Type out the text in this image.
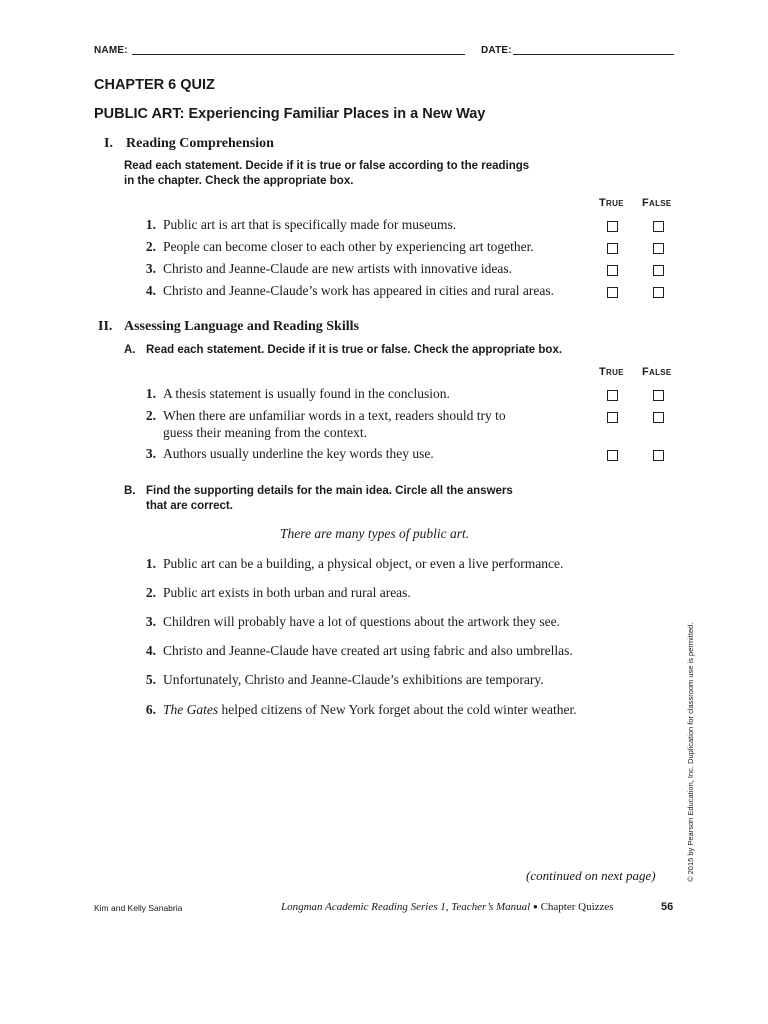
NAME:	DATE:
CHAPTER 6 QUIZ
PUBLIC ART: Experiencing Familiar Places in a New Way
I. Reading Comprehension
Read each statement. Decide if it is true or false according to the readings
in the chapter. Check the appropriate box.
True False
1. Public art is art that is specifically made for museums.
2. People can become closer to each other by experiencing art together.
3. Christo and Jeanne-Claude are new artists with innovative ideas.
4. Christo and Jeanne-Claude’s work has appeared in cities and rural areas.
II. Assessing Language and Reading Skills
A. Read each statement. Decide if it is true or false. Check the appropriate box.
True False
1. A thesis statement is usually found in the conclusion.
2. When there are unfamiliar words in a text, readers should try to
guess their meaning from the context.
3. Authors usually underline the key words they use.
B. Find the supporting details for the main idea. Circle all the answers
that are correct.
There are many types of public art.
1. Public art can be a building, a physical object, or even a live performance.
2. Public art exists in both urban and rural areas.
3. Children will probably have a lot of questions about the artwork they see.
4. Christo and Jeanne-Claude have created art using fabric and also umbrellas.
5. Unfortunately, Christo and Jeanne-Claude’s exhibitions are temporary.
6. The Gates helped citizens of New York forget about the cold winter weather.
(continued on next page)	© 2015 by Pearson Education, Inc. Duplication for classroom use is permitted.
Kim and Kelly Sanabria	Longman Academic Reading Series 1, Teacher’s Manual ● Chapter Quizzes	56
